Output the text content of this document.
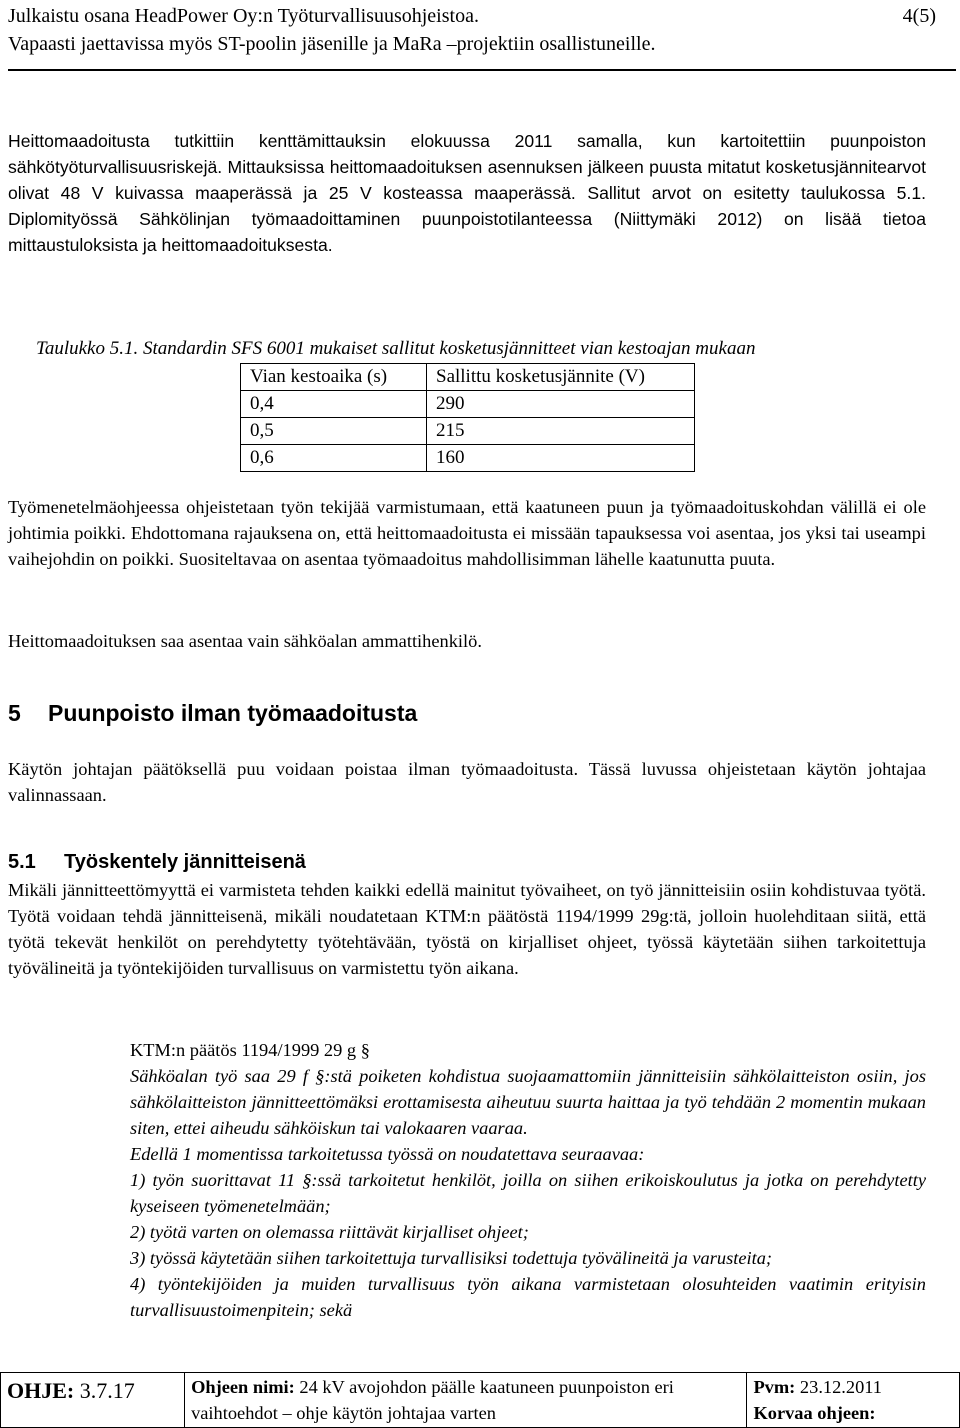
Julkaistu osana HeadPower Oy:n Työturvallisuusohjeistoa.
Vapaasti jaettavissa myös ST-poolin jäsenille ja MaRa –projektiin osallistuneille.
4(5)
Heittomaadoitusta tutkittiin kenttämittauksin elokuussa 2011 samalla, kun kartoitettiin puunpoiston sähkötyöturvallisuusriskejä. Mittauksissa heittomaadoituksen asennuksen jälkeen puusta mitatut kosketusjännitearvot olivat 48 V kuivassa maaperässä ja 25 V kosteassa maaperässä. Sallitut arvot on esitetty taulukossa 5.1. Diplomityössä Sähkölinjan työmaadoittaminen puunpoistotilanteessa (Niittymäki 2012) on lisää tietoa mittaustuloksista ja heittomaadoituksesta.
Taulukko 5.1. Standardin SFS 6001 mukaiset sallitut kosketusjännitteet vian kestoajan mukaan
Vian kestoaika (s)	Sallittu kosketusjännite (V)
0,4	290
0,5	215
0,6	160
Työmenetelmäohjeessa ohjeistetaan työn tekijää varmistumaan, että kaatuneen puun ja työmaadoituskohdan välillä ei ole johtimia poikki. Ehdottomana rajauksena on, että heittomaadoitusta ei missään tapauksessa voi asentaa, jos yksi tai useampi vaihejohdin on poikki. Suositeltavaa on asentaa työmaadoitus mahdollisimman lähelle kaatunutta puuta.
Heittomaadoituksen saa asentaa vain sähköalan ammattihenkilö.
5 Puunpoisto ilman työmaadoitusta
Käytön johtajan päätöksellä puu voidaan poistaa ilman työmaadoitusta. Tässä luvussa ohjeistetaan käytön johtajaa valinnassaan.
5.1 Työskentely jännitteisenä
Mikäli jännitteettömyyttä ei varmisteta tehden kaikki edellä mainitut työvaiheet, on työ jännitteisiin osiin kohdistuvaa työtä. Työtä voidaan tehdä jännitteisenä, mikäli noudatetaan KTM:n päätöstä 1194/1999 29g:tä, jolloin huolehditaan siitä, että työtä tekevät henkilöt on perehdytetty työtehtävään, työstä on kirjalliset ohjeet, työssä käytetään siihen tarkoitettuja työvälineitä ja työntekijöiden turvallisuus on varmistettu työn aikana.
KTM:n päätös 1194/1999 29 g §
Sähköalan työ saa 29 f §:stä poiketen kohdistua suojaamattomiin jännitteisiin sähkölaitteiston osiin, jos sähkölaitteiston jännitteettömäksi erottamisesta aiheutuu suurta haittaa ja työ tehdään 2 momentin mukaan siten, ettei aiheudu sähköiskun tai valokaaren vaaraa.
Edellä 1 momentissa tarkoitetussa työssä on noudatettava seuraavaa:
1) työn suorittavat 11 §:ssä tarkoitetut henkilöt, joilla on siihen erikoiskoulutus ja jotka on perehdytetty kyseiseen työmenetelmään;
2) työtä varten on olemassa riittävät kirjalliset ohjeet;
3) työssä käytetään siihen tarkoitettuja turvallisiksi todettuja työvälineitä ja varusteita;
4) työntekijöiden ja muiden turvallisuus työn aikana varmistetaan olosuhteiden vaatimin erityisin turvallisuustoimenpitein; sekä
OHJE: 3.7.17	Ohjeen nimi: 24 kV avojohdon päälle kaatuneen puunpoiston eri vaihtoehdot – ohje käytön johtajaa varten	
Pvm: 23.12.2011
Korvaa ohjeen:
